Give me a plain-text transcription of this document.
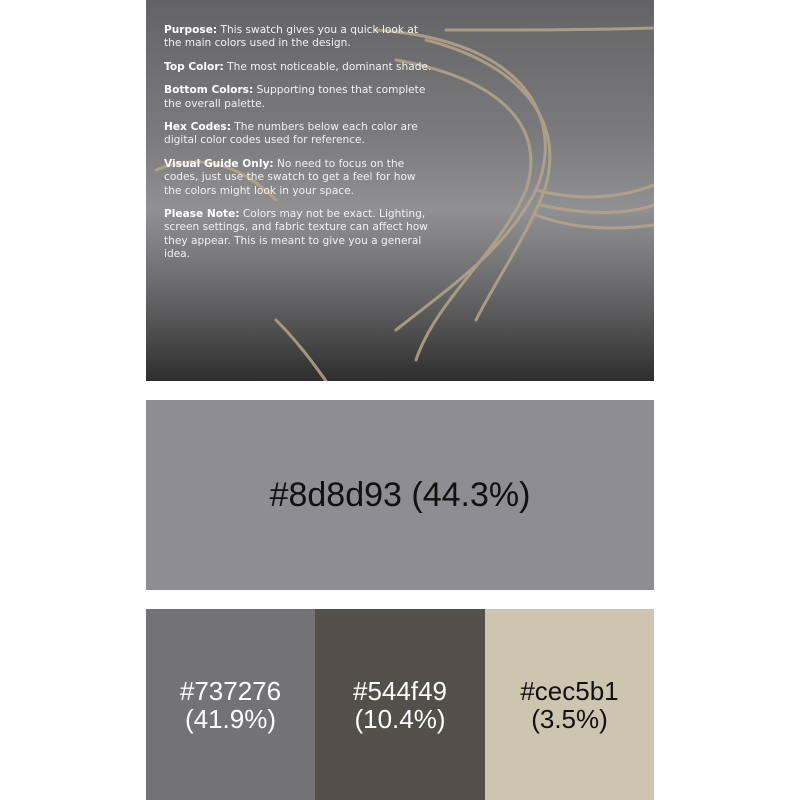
Purpose: This swatch gives you a quick look at the main colors used in the design.

Top Color: The most noticeable, dominant shade.

Bottom Colors: Supporting tones that complete the overall palette.

Hex Codes: The numbers below each color are digital color codes used for reference.

Visual Guide Only: No need to focus on the codes, just use the swatch to get a feel for how the colors might look in your space.

Please Note: Colors may not be exact. Lighting, screen settings, and fabric texture can affect how they appear. This is meant to give you a general idea.

#8d8d93 (44.3%)
#737276
(41.9%)
#544f49
(10.4%)
#cec5b1
(3.5%)
